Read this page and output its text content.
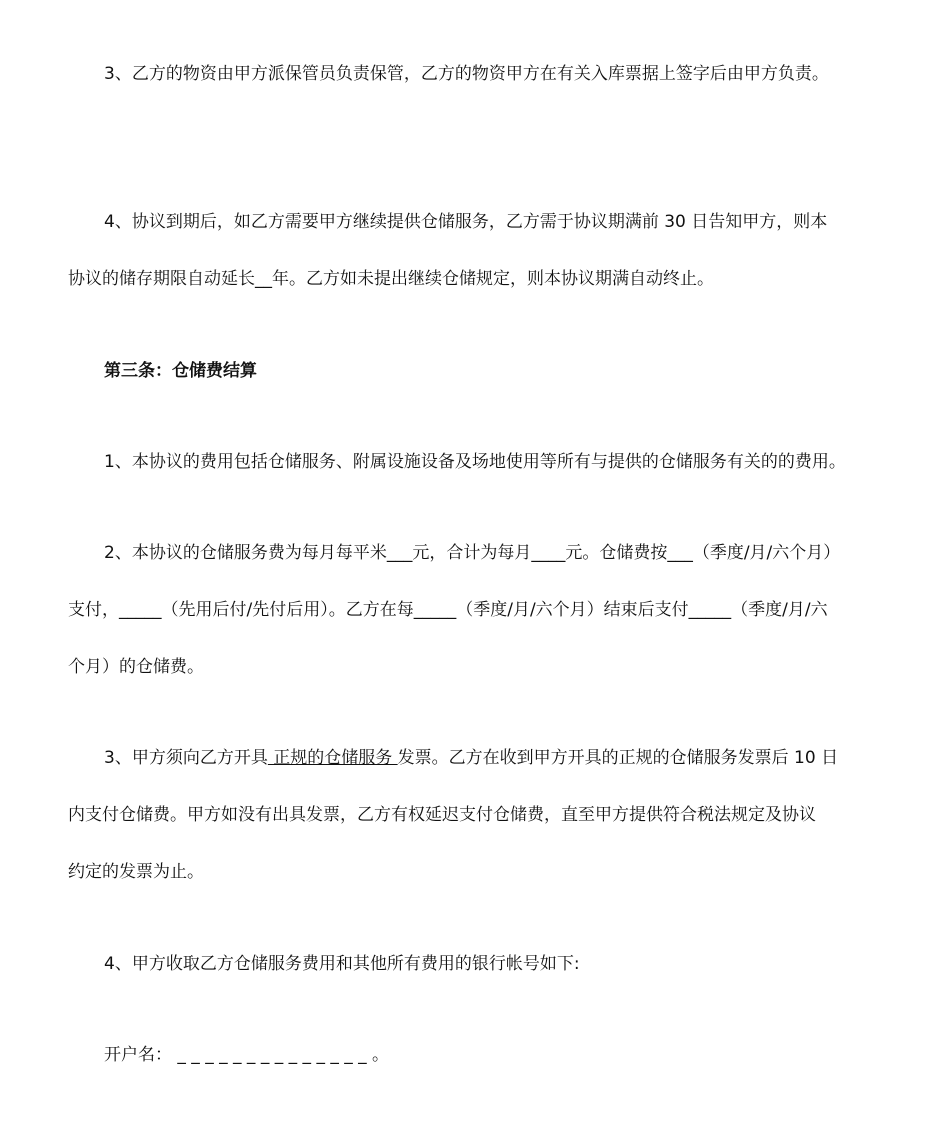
3、乙方的物资由甲方派保管员负责保管，乙方的物资甲方在有关入库票据上签字后由甲方负责。
4、协议到期后，如乙方需要甲方继续提供仓储服务，乙方需于协议期满前 30 日告知甲方，则本
协议的储存期限自动延长__年。乙方如未提出继续仓储规定，则本协议期满自动终止。
第三条：仓储费结算
1、本协议的费用包括仓储服务、附属设施设备及场地使用等所有与提供的仓储服务有关的的费用。
2、本协议的仓储服务费为每月每平米___元，合计为每月____元。仓储费按___（季度/月/六个月）
支付，_____（先用后付/先付后用）。乙方在每_____（季度/月/六个月）结束后支付_____（季度/月/六
个月）的仓储费。
3、甲方须向乙方开具 正规的仓储服务 发票。乙方在收到甲方开具的正规的仓储服务发票后 10 日
内支付仓储费。甲方如没有出具发票，乙方有权延迟支付仓储费，直至甲方提供符合税法规定及协议
约定的发票为止。
4、甲方收取乙方仓储服务费用和其他所有费用的银行帐号如下:
开户名： _ _ _ _ _ _ _ _ _ _ _ _ _ _ 。
